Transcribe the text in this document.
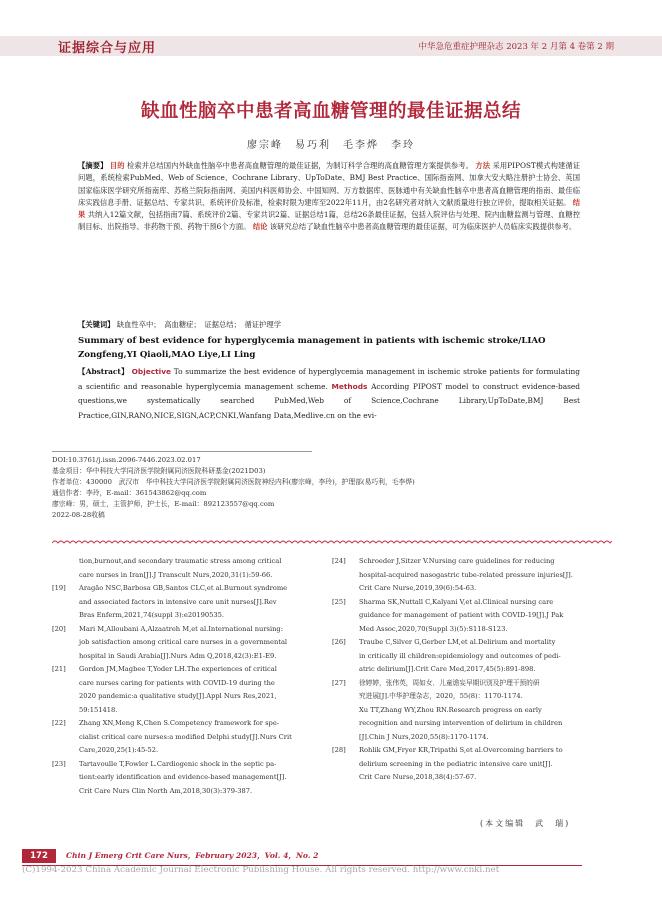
证据综合与应用	中华急危重症护理杂志 2023 年 2 月第 4 卷第 2 期
缺血性脑卒中患者高血糖管理的最佳证据总结
廖宗峰　易巧利　毛李烨　李玲
【摘要】 目的 检索并总结国内外缺血性脑卒中患者高血糖管理的最佳证据，为制订科学合理的高血糖管理方案提供参考。 方法 采用PIPOST模式构建循证问题，系统检索PubMed、Web of Science、Cochrane Library、UpToDate、BMJ Best Practice、国际指南网、加拿大安大略注册护士协会、英国国家临床医学研究所指南库、苏格兰院际指南网、美国内科医师协会、中国知网、万方数据库、医脉通中有关缺血性脑卒中患者高血糖管理的指南、最佳临床实践信息手册、证据总结、专家共识、系统评价及标准，检索时限为建库至2022年11月，由2名研究者对纳入文献质量进行独立评价，提取相关证据。 结果 共纳入12篇文献，包括指南7篇、系统评价2篇、专家共识2篇、证据总结1篇，总结26条最佳证据，包括入院评估与处理、院内血糖监测与管理、血糖控制目标、出院指导、非药物干预、药物干预6个方面。 结论 该研究总结了缺血性脑卒中患者高血糖管理的最佳证据，可为临床医护人员临床实践提供参考。
【关键词】 缺血性卒中；　高血糖症；　证据总结；　循证护理学
Summary of best evidence for hyperglycemia management in patients with ischemic stroke/LIAO Zongfeng,YI Qiaoli,MAO Liye,LI Ling
【Abstract】 Objective To summarize the best evidence of hyperglycemia management in ischemic stroke patients for formulating a scientific and reasonable hyperglycemia management scheme. Methods According PIPOST model to construct evidence-based questions,we systematically searched PubMed,Web of Science,Cochrane Library,UpToDate,BMJ Best Practice,GIN,RANO,NICE,SIGN,ACP,CNKI,Wanfang Data,Medlive.cn on the evi-
DOI:10.3761/j.issn.2096-7446.2023.02.017
基金项目：华中科技大学同济医学院附属同济医院科研基金(2021D03)
作者单位：430000　武汉市　华中科技大学同济医学院附属同济医院神经内科(廖宗峰，李玲)，护理部(易巧利，毛李烨)
通信作者：李玲，E-mail：361543862@qq.com
廖宗峰：男，硕士，主管护师，护士长，E-mail：892123557@qq.com
2022-08-28收稿
tion,burnout,and secondary traumatic stress among critical
care nurses in Iran[J].J Transcult Nurs,2020,31(1):59-66.
[19]	Aragão NSC,Barbosa GB,Santos CLC,et al.Burnout syndrome
and associated factors in intensive care unit nurses[J].Rev
Bras Enferm,2021,74(suppl 3):e20190535.
[20]	Mari M,Alloubani A,Alzaatreh M,et al.International nursing:
job satisfaction among critical care nurses in a governmental
hospital in Saudi Arabia[J].Nurs Adm Q,2018,42(3):E1-E9.
[21]	Gordon JM,Magbee T,Yoder LH.The experiences of critical
care nurses caring for patients with COVID-19 during the
2020 pandemic:a qualitative study[J].Appl Nurs Res,2021,
59:151418.
[22]	Zhang XN,Meng K,Chen S.Competency framework for spe-
cialist critical care nurses:a modified Delphi study[J].Nurs Crit
Care,2020,25(1):45-52.
[23]	Tartavoulle T,Fowler L.Cardiogenic shock in the septic pa-
tient:early identification and evidence-based management[J].
Crit Care Nurs Clin North Am,2018,30(3):379-387.
[24]	Schroeder J,Sitzer V.Nursing care guidelines for reducing
hospital-acquired nasogastric tube-related pressure injuries[J].
Crit Care Nurse,2019,39(6):54-63.
[25]	Sharma SK,Nuttall C,Kalyani V,et al.Clinical nursing care
guidance for management of patient with COVID-19[J].J Pak
Med Assoc,2020,70(Suppl 3)(5):S118-S123.
[26]	Traube C,Silver G,Gerber LM,et al.Delirium and mortality
in critically ill children:epidemiology and outcomes of pedi-
atric delirium[J].Crit Care Med,2017,45(5):891-898.
[27]	徐婷婷，张伟英，周如女．儿童谵妄早期识别及护理干预的研
究进展[J].中华护理杂志，2020，55(8)：1170-1174.
Xu TT,Zhang WY,Zhou RN.Research progress on early
recognition and nursing intervention of delirium in children
[J].Chin J Nurs,2020,55(8):1170-1174.
[28]	Rohlik GM,Fryer KR,Tripathi S,et al.Overcoming barriers to
delirium screening in the pediatric intensive care unit[J].
Crit Care Nurse,2018,38(4):57-67.
(本文编辑　武　瑞)
172	Chin J Emerg Crit Care Nurs，February 2023，Vol. 4，No. 2
(C)1994-2023 China Academic Journal Electronic Publishing House. All rights reserved. http://www.cnki.net
